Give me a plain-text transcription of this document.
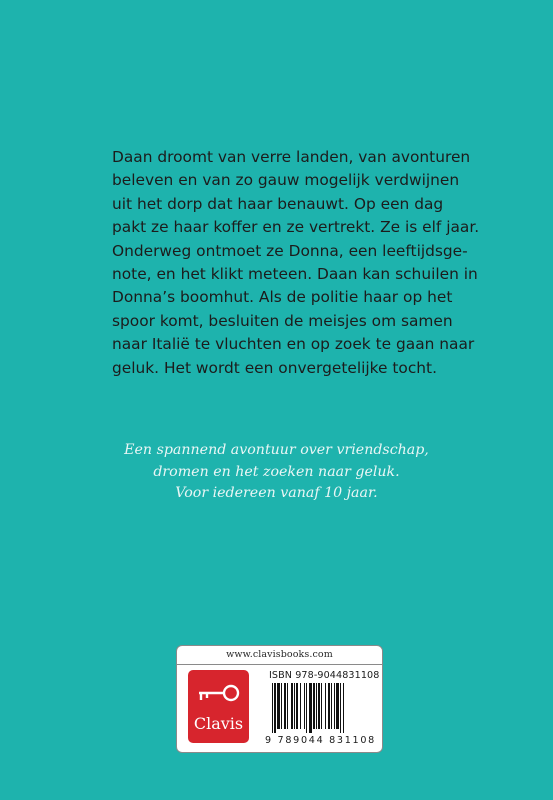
Daan droomt van verre landen, van avonturen
beleven en van zo gauw mogelijk verdwijnen
uit het dorp dat haar benauwt. Op een dag
pakt ze haar koffer en ze vertrekt. Ze is elf jaar.
Onderweg ontmoet ze Donna, een leeftijdsge-
note, en het klikt meteen. Daan kan schuilen in
Donna’s boomhut. Als de politie haar op het
spoor komt, besluiten de meisjes om samen
naar Italië te vluchten en op zoek te gaan naar
geluk. Het wordt een onvergetelijke tocht.

Een spannend avontuur over vriendschap,
dromen en het zoeken naar geluk.
Voor iedereen vanaf 10 jaar.

www.clavisbooks.com
Clavis
ISBN 978-9044831108
9 789044 831108
